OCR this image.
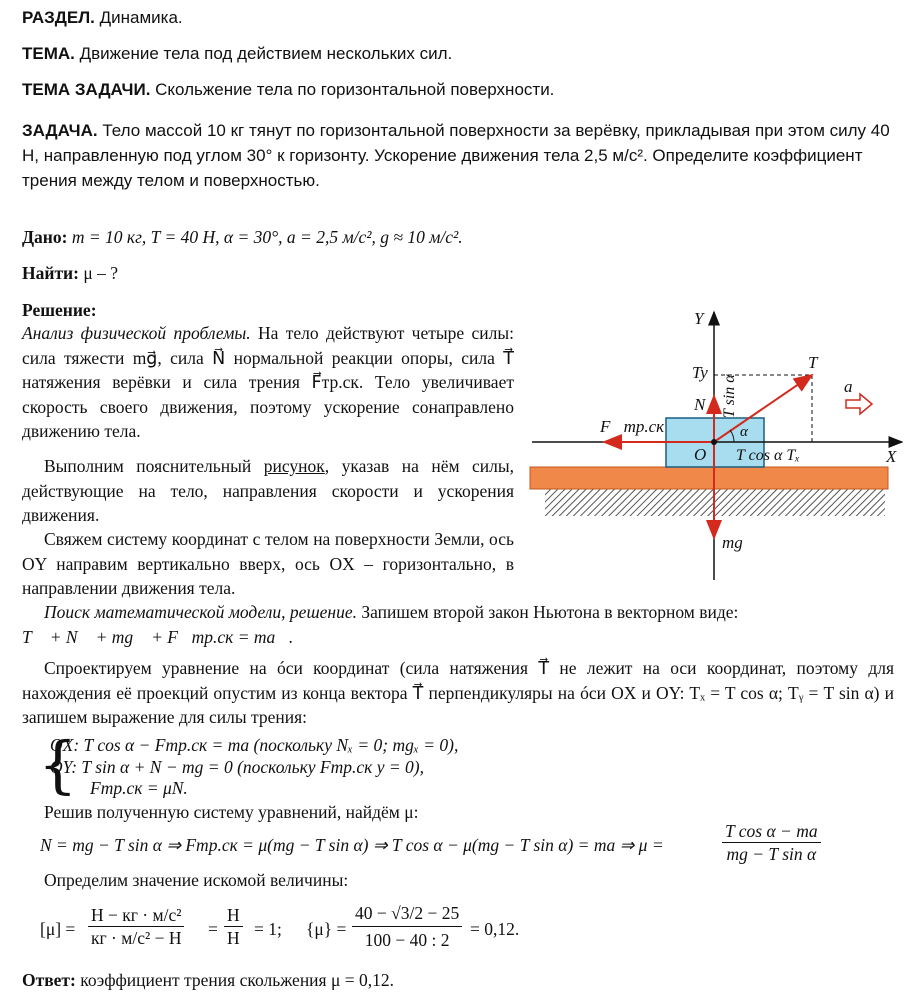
РАЗДЕЛ. Динамика.
ТЕМА. Движение тела под действием нескольких сил.
ТЕМА ЗАДАЧИ. Скольжение тела по горизонтальной поверхности.
ЗАДАЧА. Тело массой 10 кг тянут по горизонтальной поверхности за верёвку, прикладывая при этом силу 40 Н, направленную под углом 30° к горизонту. Ускорение движения тела 2,5 м/с². Определите коэффициент трения между телом и поверхностью.
Дано: m = 10 кг, T = 40 Н, α = 30°, a = 2,5 м/с², g ≈ 10 м/с².
Найти: μ – ?
Решение:
Анализ физической проблемы. На тело действуют четыре силы: сила тяжести mg⃗, сила N⃗ нормальной реакции опоры, сила T⃗ натяжения верёвки и сила трения F⃗тр.ск. Тело увеличивает скорость своего движения, поэтому ускорение сонаправлено движению тела.
Выполним пояснительный рисунок, указав на нём силы, действующие на тело, направления скорости и ускорения движения.
Свяжем систему координат с телом на поверхности Земли, ось OY направим вертикально вверх, ось OX – горизонтально, в направлении движения тела.
Поиск математической модели, решение. Запишем второй закон Ньютона в векторном виде:
T⃗ + N⃗ + mg⃗ + F⃗тр.ск = ma⃗.
Спроектируем уравнение на óси координат (сила натяжения T⃗ не лежит на оси координат, поэтому для нахождения её проекций опустим из конца вектора T⃗ перпендикуляры на óси OX и OY: Tₓ = T cos α; Tᵧ = T sin α) и запишем выражение для силы трения:
{
OX: T cos α − Fтр.ск = ma (поскольку Nₓ = 0; mgₓ = 0),
OY: T sin α + N − mg = 0 (поскольку Fтр.ск y = 0),
Fтр.ск = μN.
Решив полученную систему уравнений, найдём μ:
N = mg − T sin α ⇒ Fтр.ск = μ(mg − T sin α) ⇒ T cos α − μ(mg − T sin α) = ma ⇒ μ =	$\frac{\text{T cos α − ma}}{\text{mg − T sin α}}$
Определим значение искомой величины:
[μ] =
Н − кг · м/с²
кг · м/с² − Н =
Н
Н = 1; {μ} =
40 − √3/2 − 25
100 − 40 : 2
= 0,12.
Ответ: коэффициент трения скольжения μ = 0,12.
Y
X
O
T⃗
Ty
T sin α
N⃗
a⃗
F⃗тр.ск	α
T cos α Tₓ
mg⃗
